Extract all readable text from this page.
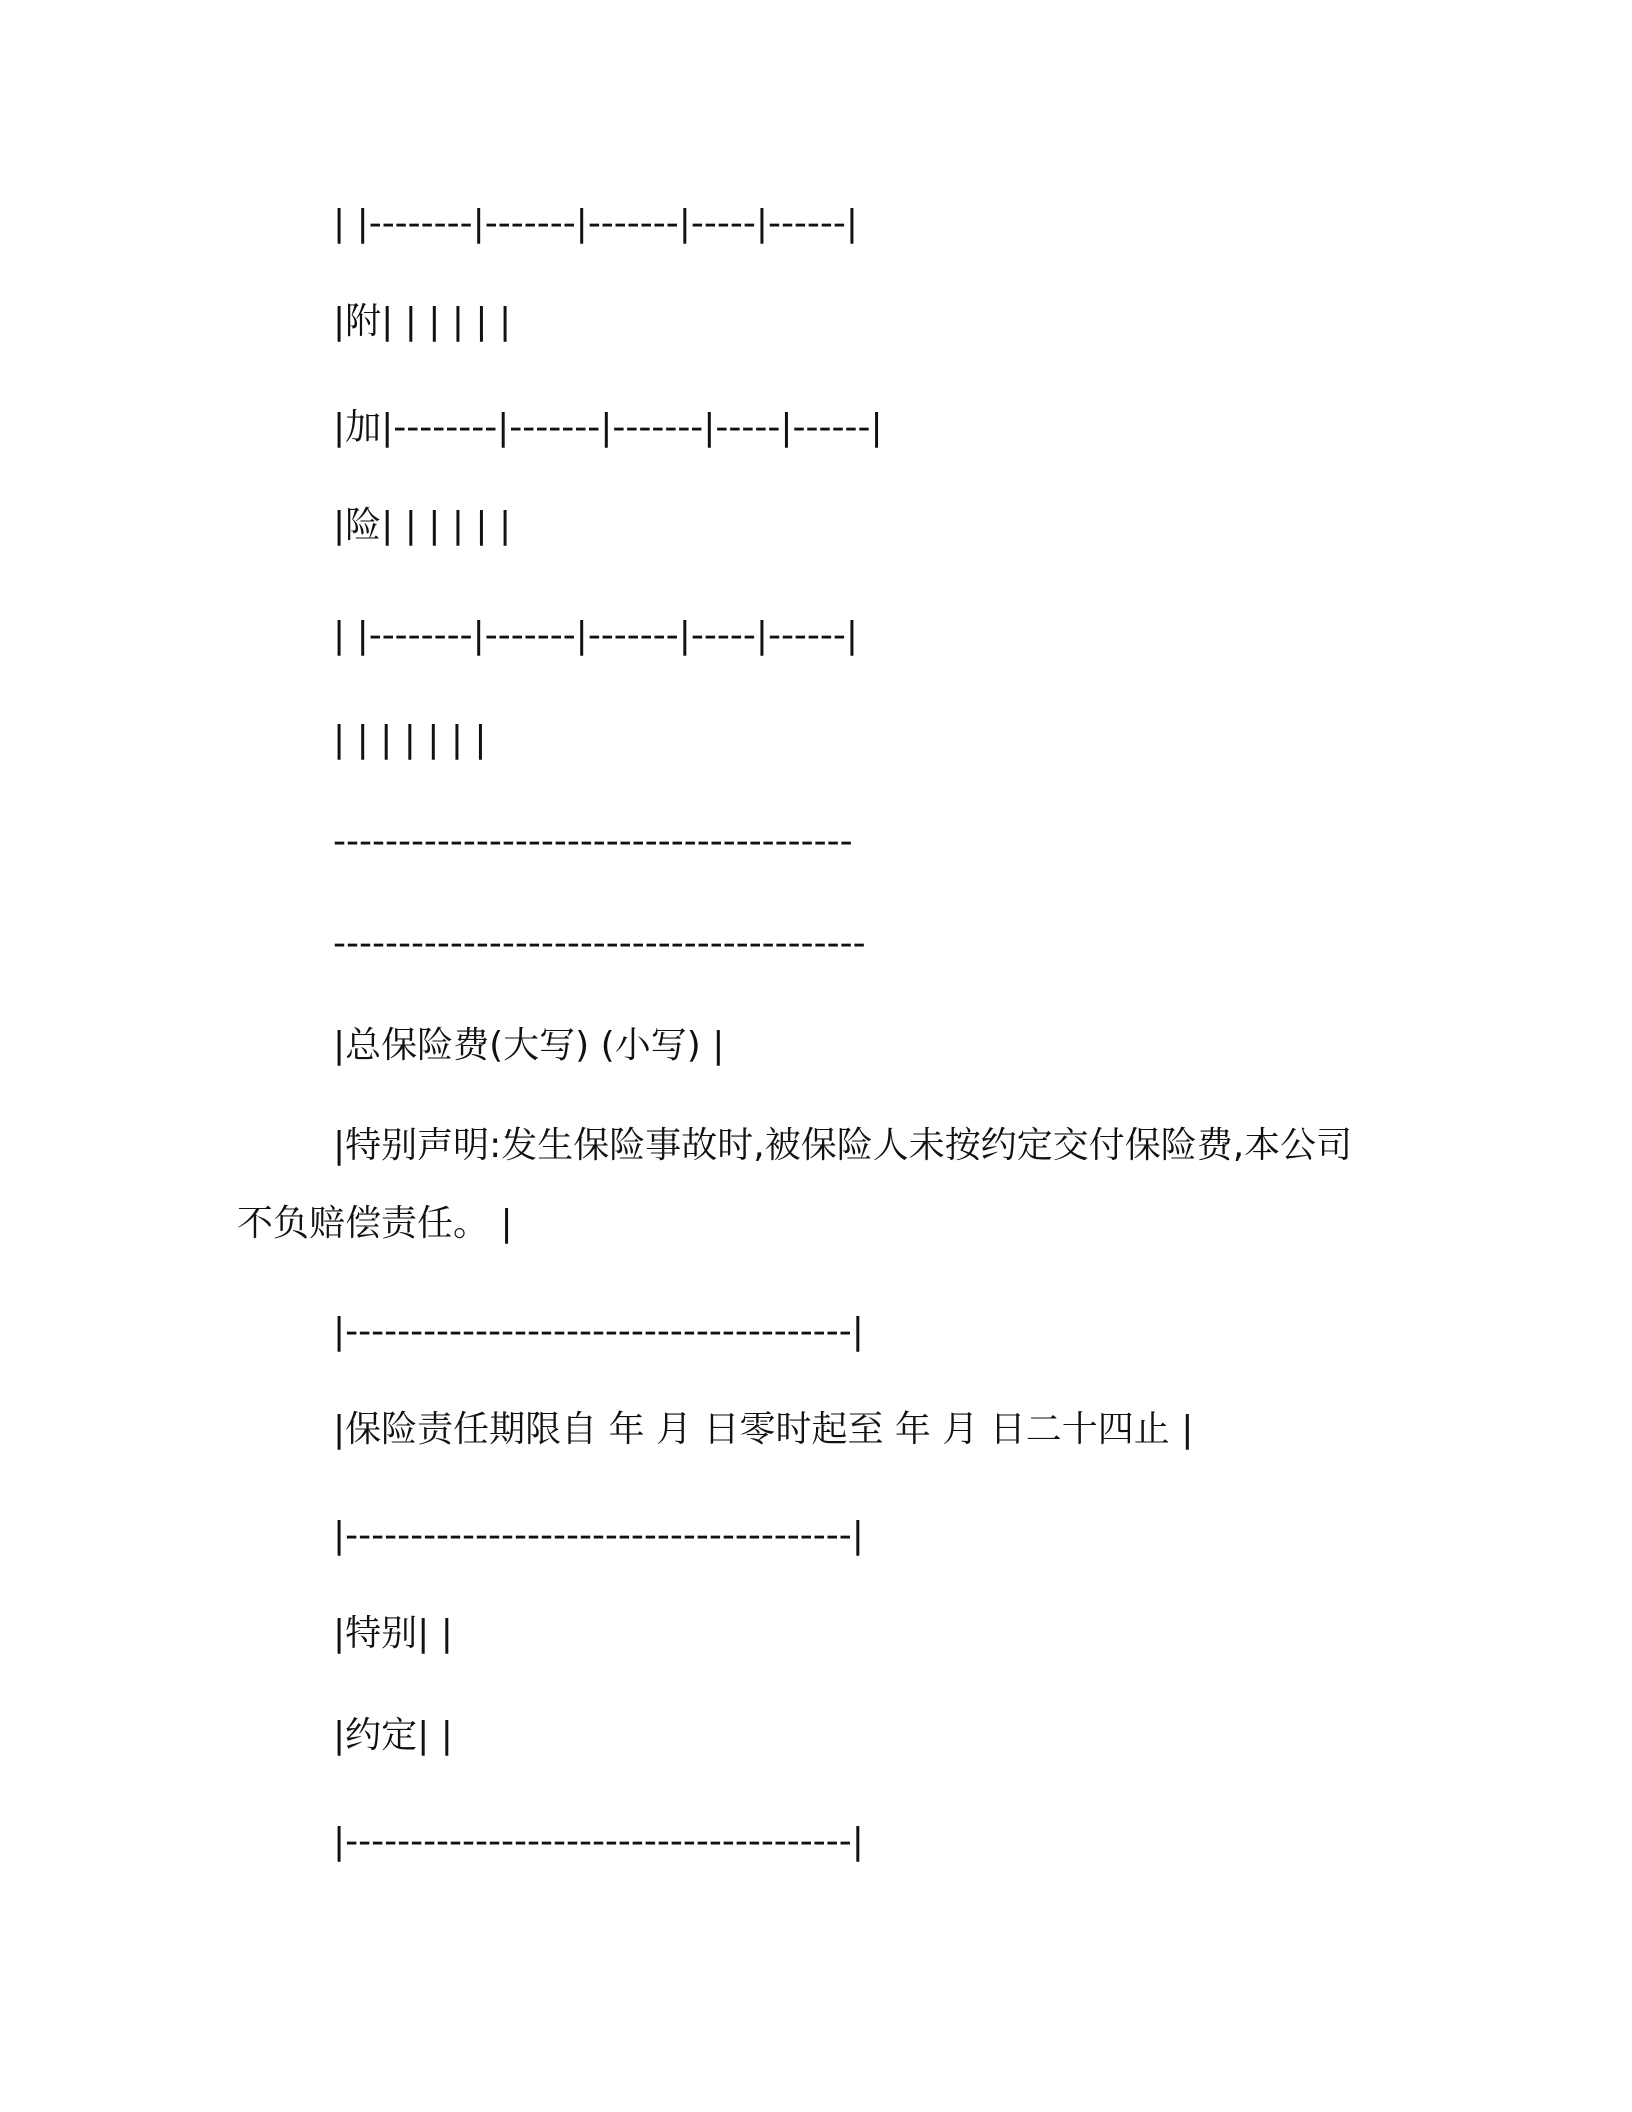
| |--------|-------|-------|-----|------|
|附| | | | | |
|加|--------|-------|-------|-----|------|
|险| | | | | |
| |--------|-------|-------|-----|------|
| | | | | | |
----------------------------------------
-----------------------------------------
|总保险费(大写) (小写) |
|特别声明:发生保险事故时,被保险人未按约定交付保险费,本公司
不负赔偿责任。 |
|---------------------------------------|
|保险责任期限自 年 月 日零时起至 年 月 日二十四止 |
|---------------------------------------|
|特别| |
|约定| |
|---------------------------------------|
